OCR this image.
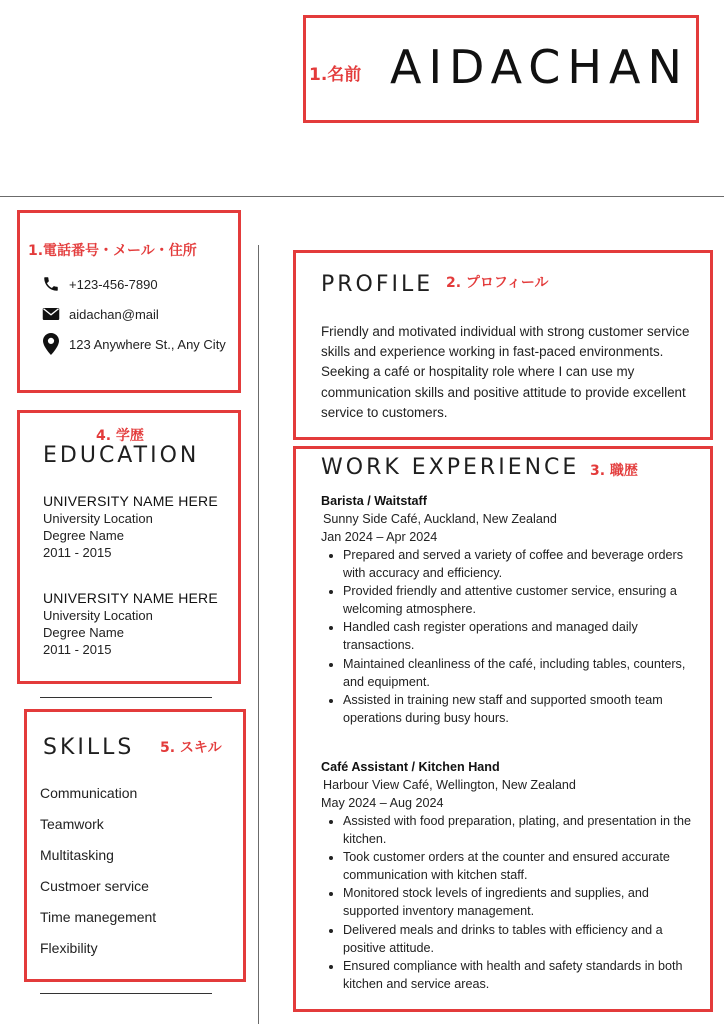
1.名前 AIDACHAN
1.電話番号・メール・住所
+123-456-7890
aidachan@mail
123 Anywhere St., Any City
4. 学歴
EDUCATION
UNIVERSITY NAME HERE
University Location
Degree Name
2011 - 2015
UNIVERSITY NAME HERE
University Location
Degree Name
2011 - 2015
SKILLS 5. スキル
Communication
Teamwork
Multitasking
Custmoer service
Time manegement
Flexibility
PROFILE 2. プロフィール
Friendly and motivated individual with strong customer service skills and experience working in fast-paced environments. Seeking a café or hospitality role where I can use my communication skills and positive attitude to provide excellent service to customers.
WORK EXPERIENCE 3. 職歴
Barista / Waitstaff
Sunny Side Café, Auckland, New Zealand
Jan 2024 – Apr 2024
• Prepared and served a variety of coffee and beverage orders with accuracy and efficiency.
• Provided friendly and attentive customer service, ensuring a welcoming atmosphere.
• Handled cash register operations and managed daily transactions.
• Maintained cleanliness of the café, including tables, counters, and equipment.
• Assisted in training new staff and supported smooth team operations during busy hours.
Café Assistant / Kitchen Hand
Harbour View Café, Wellington, New Zealand
May 2024 – Aug 2024
• Assisted with food preparation, plating, and presentation in the kitchen.
• Took customer orders at the counter and ensured accurate communication with kitchen staff.
• Monitored stock levels of ingredients and supplies, and supported inventory management.
• Delivered meals and drinks to tables with efficiency and a positive attitude.
• Ensured compliance with health and safety standards in both kitchen and service areas.
